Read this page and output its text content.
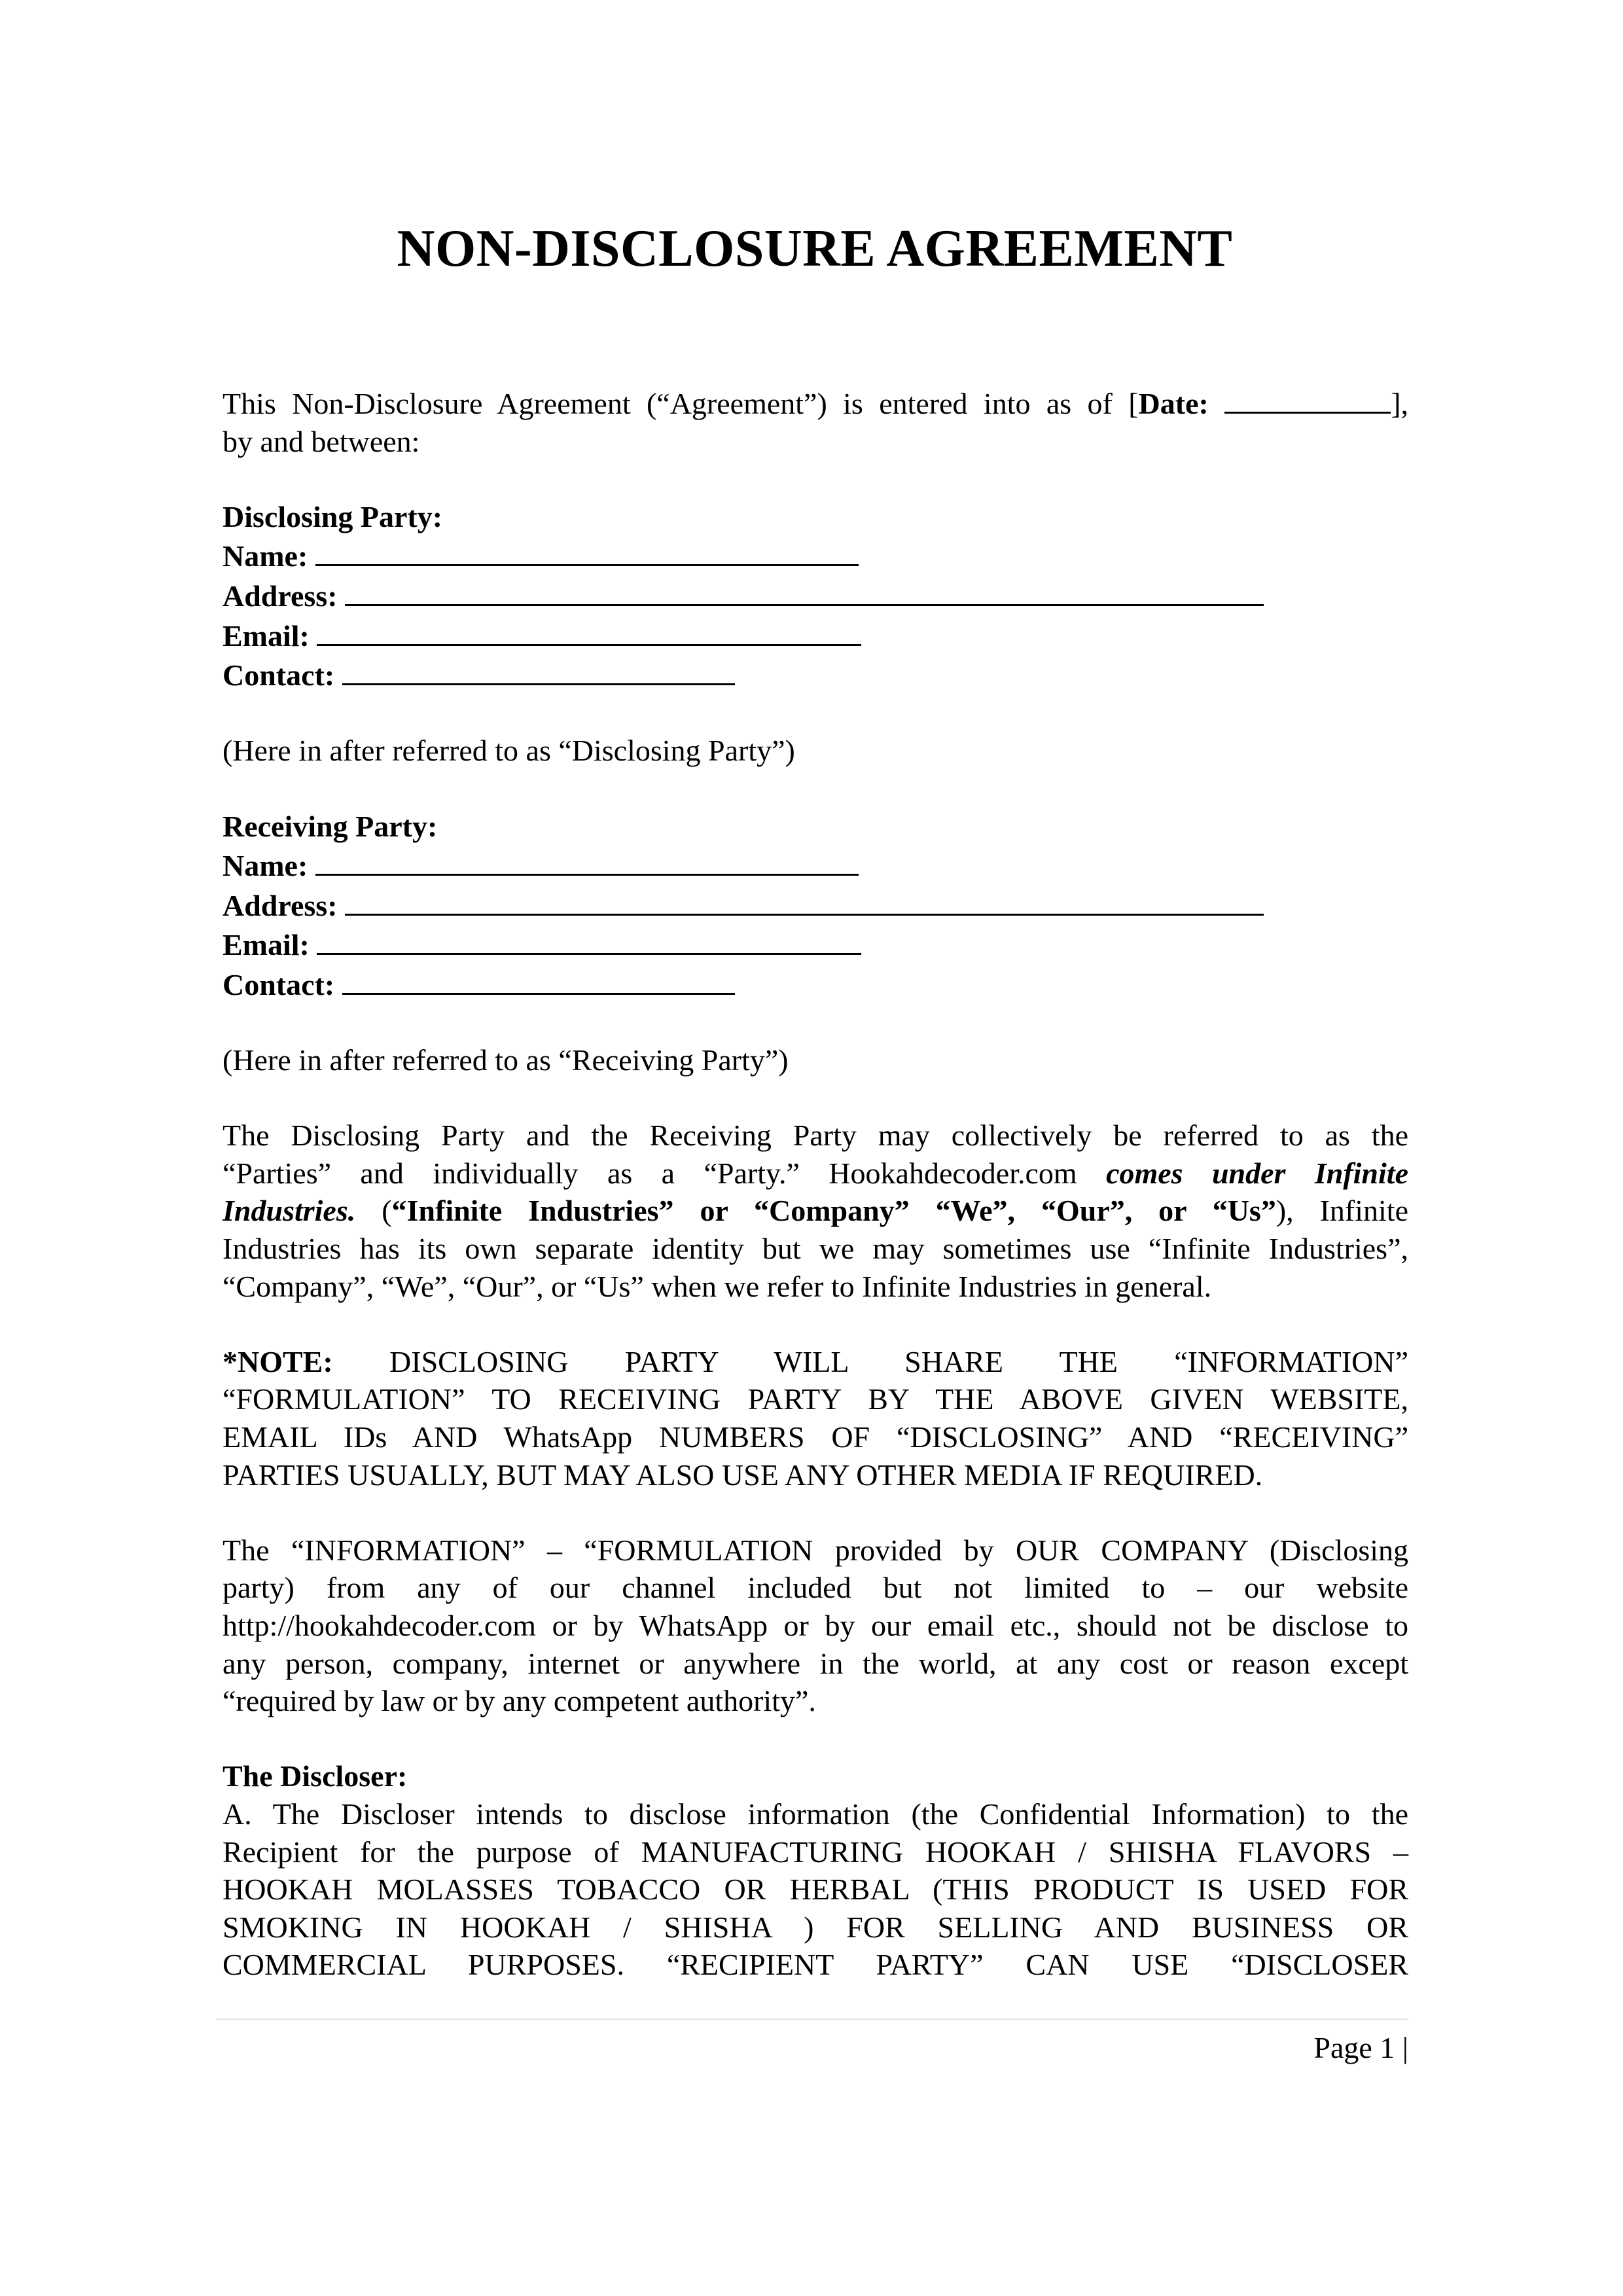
NON-DISCLOSURE AGREEMENT

This Non-Disclosure Agreement (“Agreement”) is entered into as of [Date:	],

by and between:

Disclosing Party:

Name:

Address:

Email:

Contact:

(Here in after referred to as “Disclosing Party”)

Receiving Party:

Name:

Address:

Email:

Contact:

(Here in after referred to as “Receiving Party”)

The Disclosing Party and the Receiving Party may collectively be referred to as the

“Parties” and individually as a “Party.” Hookahdecoder.com comes under Infinite

Industries. (“Infinite Industries” or “Company” “We”, “Our”, or “Us”), Infinite

Industries has its own separate identity but we may sometimes use “Infinite Industries”,

“Company”, “We”, “Our”, or “Us” when we refer to Infinite Industries in general.

*NOTE: DISCLOSING PARTY WILL SHARE THE “INFORMATION”

“FORMULATION” TO RECEIVING PARTY BY THE ABOVE GIVEN WEBSITE,

EMAIL IDs AND WhatsApp NUMBERS OF “DISCLOSING” AND “RECEIVING”

PARTIES USUALLY, BUT MAY ALSO USE ANY OTHER MEDIA IF REQUIRED.

The “INFORMATION” – “FORMULATION provided by OUR COMPANY (Disclosing

party) from any of our channel included but not limited to – our website

http://hookahdecoder.com or by WhatsApp or by our email etc., should not be disclose to

any person, company, internet or anywhere in the world, at any cost or reason except

“required by law or by any competent authority”.

The Discloser:

A. The Discloser intends to disclose information (the Confidential Information) to the

Recipient for the purpose of MANUFACTURING HOOKAH / SHISHA FLAVORS –

HOOKAH MOLASSES TOBACCO OR HERBAL (THIS PRODUCT IS USED FOR

SMOKING IN HOOKAH / SHISHA ) FOR SELLING AND BUSINESS OR

COMMERCIAL PURPOSES. “RECIPIENT PARTY” CAN USE “DISCLOSER

Page 1 |
